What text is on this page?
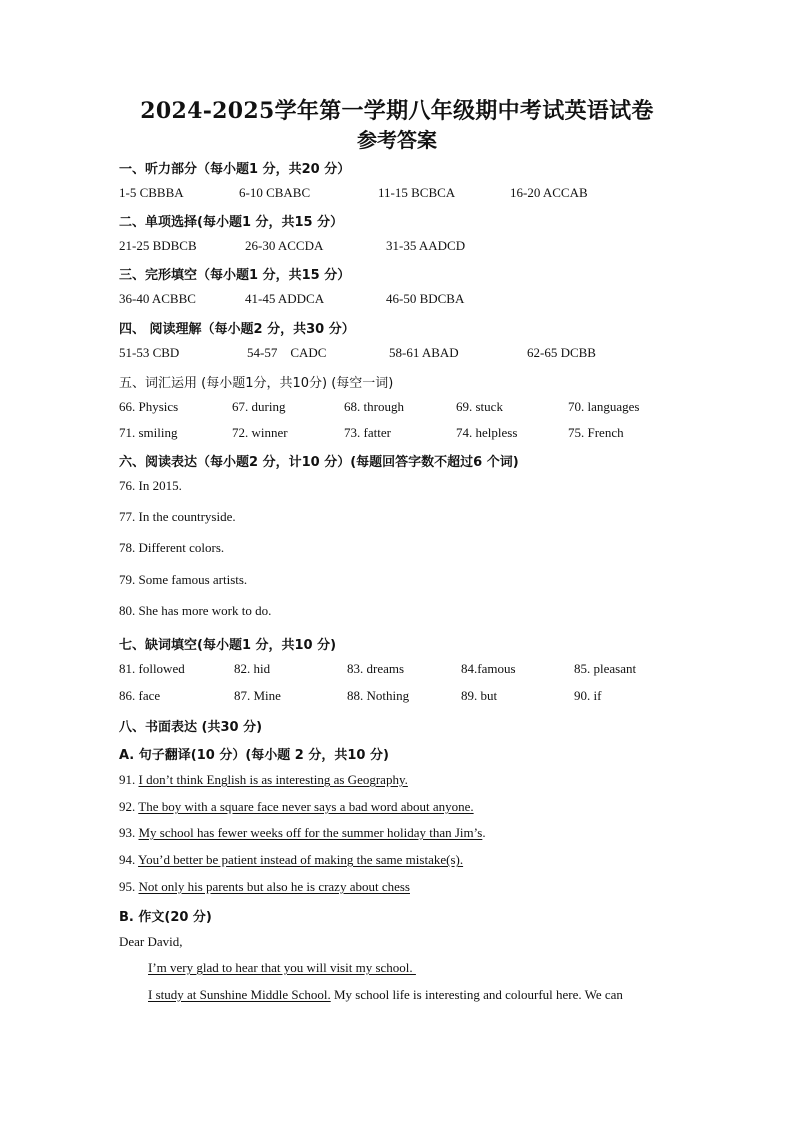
2024-2025学年第一学期八年级期中考试英语试卷
参考答案
一、听力部分（每小题1 分，共20 分）
1-5 CBBBA	6-10 CBABC	11-15 BCBCA	16-20 ACCAB
二、单项选择(每小题1 分，共15 分）
21-25 BDBCB	26-30 ACCDA	31-35 AADCD
三、完形填空（每小题1 分，共15 分）
36-40 ACBBC	41-45 ADDCA	46-50 BDCBA
四、 阅读理解（每小题2 分，共30 分）
51-53 CBD	54-57    CADC	58-61 ABAD	62-65 DCBB
五、词汇运用 (每小题1分，共10分) (每空一词)
66. Physics	67. during	68. through	69. stuck	70. languages
71. smiling	72. winner	73. fatter	74. helpless	75. French
六、阅读表达（每小题2 分，计10 分）(每题回答字数不超过6 个词)
76. In 2015.
77. In the countryside.
78. Different colors.
79. Some famous artists.
80. She has more work to do.
七、缺词填空(每小题1 分，共10 分)
81. followed	82. hid	83. dreams	84.famous	85. pleasant
86. face	87. Mine	88. Nothing	89. but	90. if
八、书面表达 (共30 分)
A. 句子翻译(10 分）(每小题 2 分，共10 分)
91. I don’t think English is as interesting as Geography.
92. The boy with a square face never says a bad word about anyone.
93. My school has fewer weeks off for the summer holiday than Jim’s.
94. You’d better be patient instead of making the same mistake(s).
95. Not only his parents but also he is crazy about chess
B. 作文(20 分)
Dear David,
I’m very glad to hear that you will visit my school.
I study at Sunshine Middle School. My school life is interesting and colourful here. We can
